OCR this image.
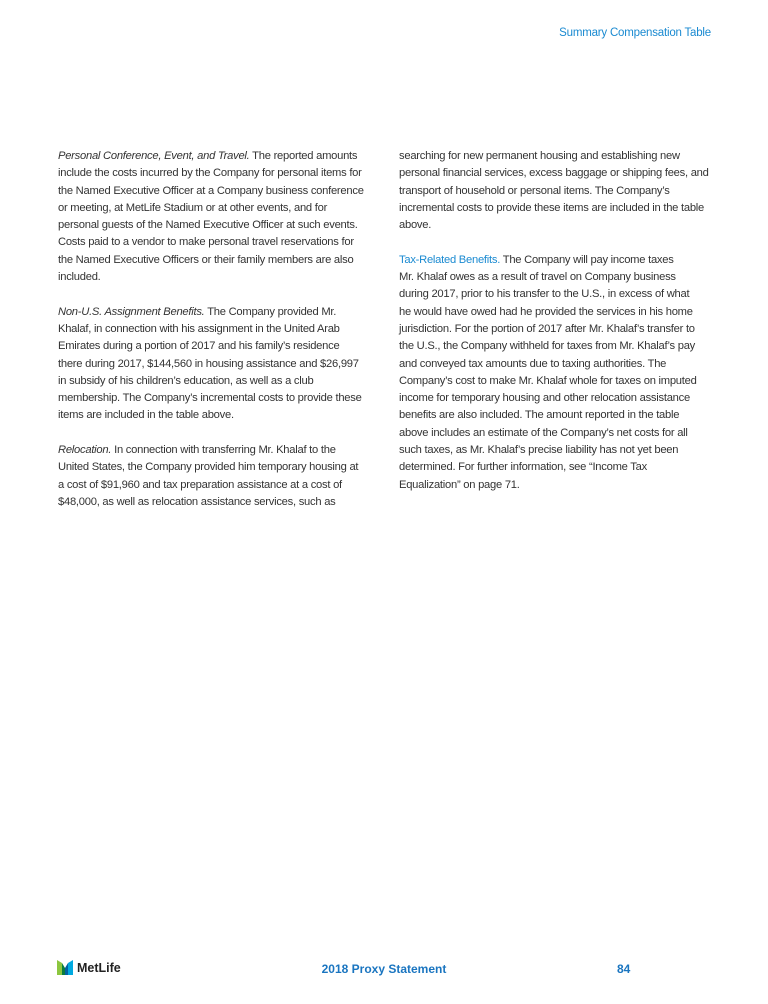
Summary Compensation Table
Personal Conference, Event, and Travel. The reported amounts
include the costs incurred by the Company for personal items for
the Named Executive Officer at a Company business conference
or meeting, at MetLife Stadium or at other events, and for
personal guests of the Named Executive Officer at such events.
Costs paid to a vendor to make personal travel reservations for
the Named Executive Officers or their family members are also
included.
Non-U.S. Assignment Benefits. The Company provided Mr.
Khalaf, in connection with his assignment in the United Arab
Emirates during a portion of 2017 and his family’s residence
there during 2017, $144,560 in housing assistance and $26,997
in subsidy of his children’s education, as well as a club
membership. The Company’s incremental costs to provide these
items are included in the table above.
Relocation. In connection with transferring Mr. Khalaf to the
United States, the Company provided him temporary housing at
a cost of $91,960 and tax preparation assistance at a cost of
$48,000, as well as relocation assistance services, such as
searching for new permanent housing and establishing new
personal financial services, excess baggage or shipping fees, and
transport of household or personal items. The Company’s
incremental costs to provide these items are included in the table
above.
Tax-Related Benefits. The Company will pay income taxes
Mr. Khalaf owes as a result of travel on Company business
during 2017, prior to his transfer to the U.S., in excess of what
he would have owed had he provided the services in his home
jurisdiction. For the portion of 2017 after Mr. Khalaf’s transfer to
the U.S., the Company withheld for taxes from Mr. Khalaf’s pay
and conveyed tax amounts due to taxing authorities. The
Company’s cost to make Mr. Khalaf whole for taxes on imputed
income for temporary housing and other relocation assistance
benefits are also included. The amount reported in the table
above includes an estimate of the Company’s net costs for all
such taxes, as Mr. Khalaf’s precise liability has not yet been
determined. For further information, see “Income Tax
Equalization” on page 71.
MetLife	2018 Proxy Statement	84
